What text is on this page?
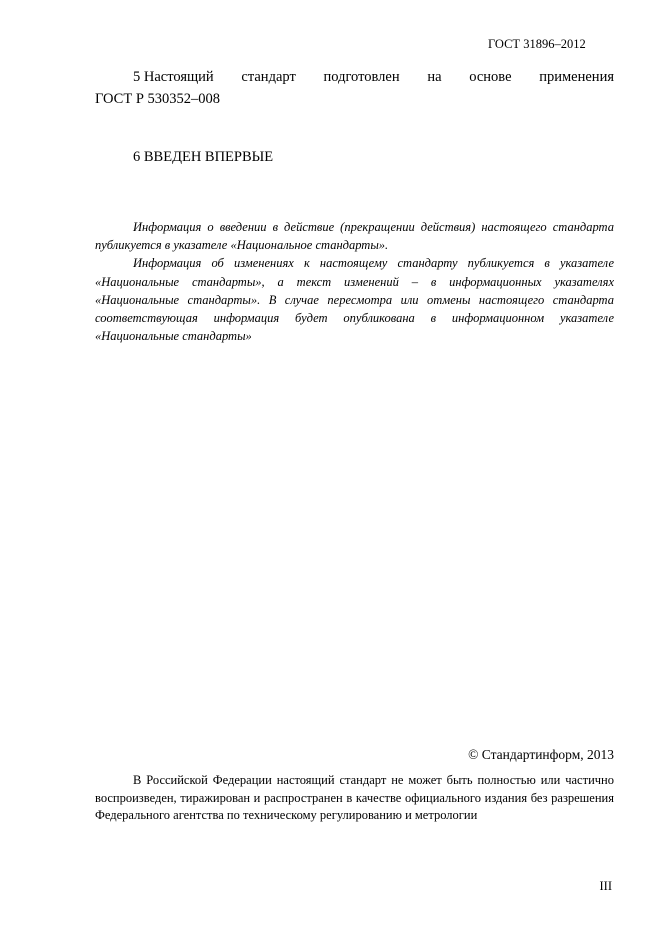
ГОСТ 31896–2012
5 Настоящий стандарт подготовлен на основе применения
ГОСТ Р 530352–008
6 ВВЕДЕН ВПЕРВЫЕ

Информация о введении в действие (прекращении действия) настоящего стандарта публикуется в указателе «Национальное стандарты».

Информация об изменениях к настоящему стандарту публикуется в указателе «Национальные стандарты», а текст изменений – в информационных указателях «Национальные стандарты». В случае пересмотра или отмены настоящего стандарта соответствующая информация будет опубликована в информационном указателе «Национальные стандарты»

© Стандартинформ, 2013

В Российской Федерации настоящий стандарт не может быть полностью или частично воспроизведен, тиражирован и распространен в качестве официального издания без разрешения Федерального агентства по техническому регулированию и метрологии

III
